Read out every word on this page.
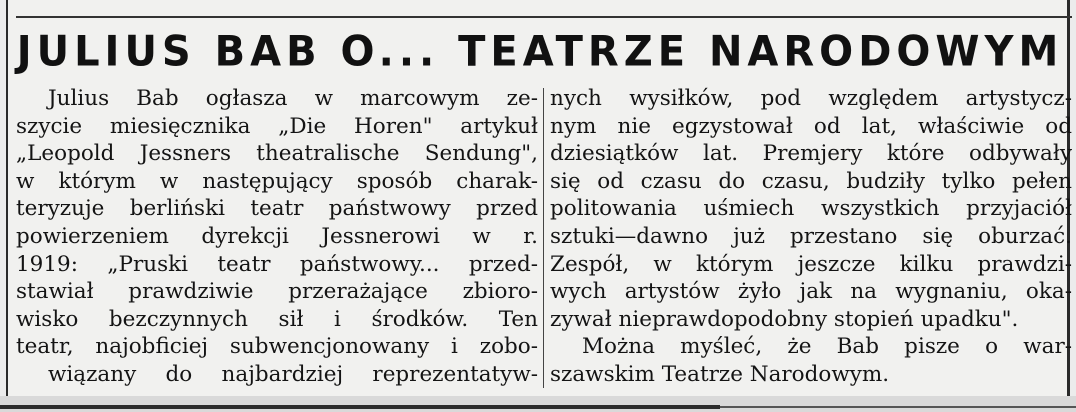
JULIUS BAB O... TEATRZE NARODOWYM
Julius Bab ogłasza w marcowym ze-
szycie miesięcznika „Die Horen" artykuł
„Leopold Jessners theatralische Sendung",
w którym w następujący sposób charak-
teryzuje berliński teatr państwowy przed
powierzeniem dyrekcji Jessnerowi w r.
1919: „Pruski teatr państwowy... przed-
stawiał prawdziwie przerażające zbioro-
wisko bezczynnych sił i środków. Ten
teatr, najobficiej subwencjonowany i zobo-
wiązany do najbardziej reprezentatyw-
nych wysiłków, pod względem artystycz-
nym nie egzystował od lat, właściwie od
dziesiątków lat. Premjery które odbywały
się od czasu do czasu, budziły tylko pełen
politowania uśmiech wszystkich przyjaciół
sztuki—dawno już przestano się oburzać.
Zespół, w którym jeszcze kilku prawdzi-
wych artystów żyło jak na wygnaniu, oka-
zywał nieprawdopodobny stopień upadku".
Można myśleć, że Bab pisze o war-
szawskim Teatrze Narodowym.
